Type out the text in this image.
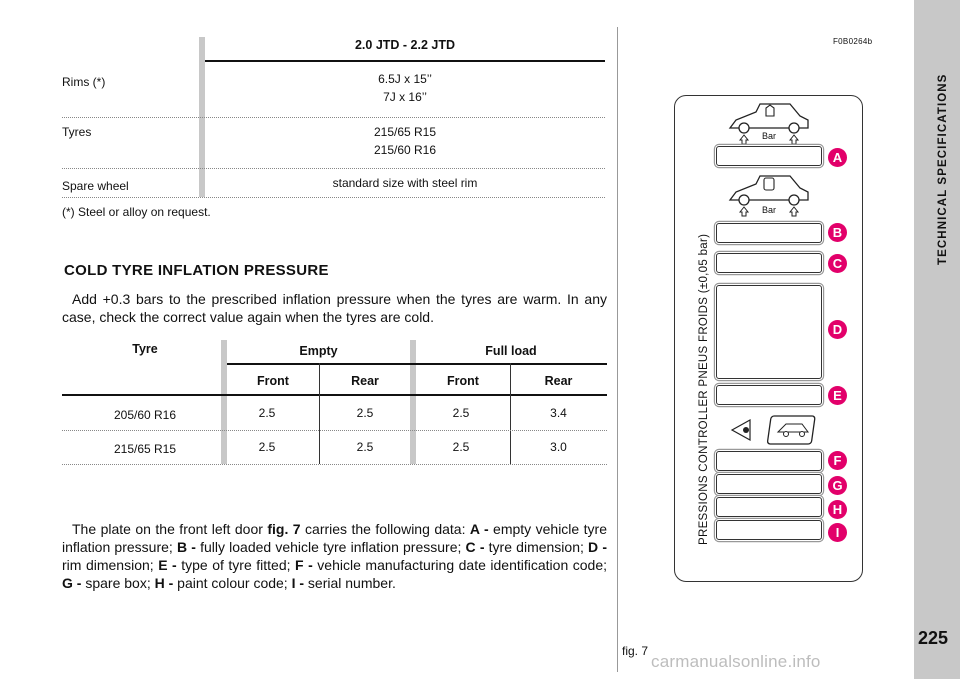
2.0 JTD - 2.2 JTD
Rims (*)	6.5J x 15’’
7J x 16’’
Tyres	215/65 R15
215/60 R16
Spare wheel	standard size with steel rim
(*) Steel or alloy on request.
COLD TYRE INFLATION PRESSURE
Add +0.3 bars to the prescribed inflation pressure when the tyres are warm. In any case, check the correct value again when the tyres are cold.
Tyre	Empty	Full load
Front	Rear	Front	Rear
205/60 R16	2.5	2.5	2.5	3.4
215/65 R15	2.5	2.5	2.5	3.0
The plate on the front left door fig. 7 carries the following data: A - empty vehicle tyre inflation pressure; B - fully loaded vehicle tyre inflation pressure; C - tyre dimension; D - rim dimension; E - type of tyre fitted; F - vehicle manufacturing date identification code; G - spare box; H - paint colour code; I - serial number.
F0B0264b
fig. 7
PRESSIONS CONTROLLER PNEUS FROIDS (±0,05 bar)
Bar
A
Bar
B
C
D
E
F
G
H
I
TECHNICAL SPECIFICATIONS
225
carmanualsonline.info
